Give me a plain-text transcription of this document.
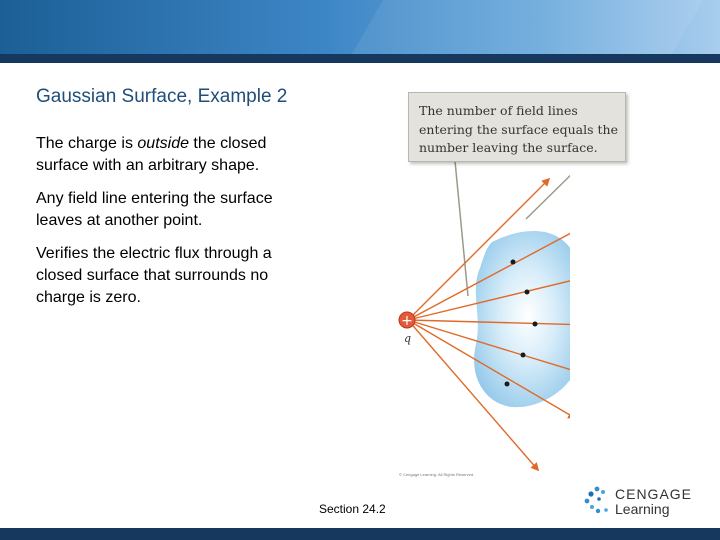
Gaussian Surface, Example 2
The charge is outside the closed surface with an arbitrary shape.
Any field line entering the surface leaves at another point.
Verifies the electric flux through a closed surface that surrounds no charge is zero.
+
q
The number of field lines entering the surface equals the number leaving the surface.
© Cengage Learning. All Rights Reserved.
Section 24.2
CENGAGE
Learning
